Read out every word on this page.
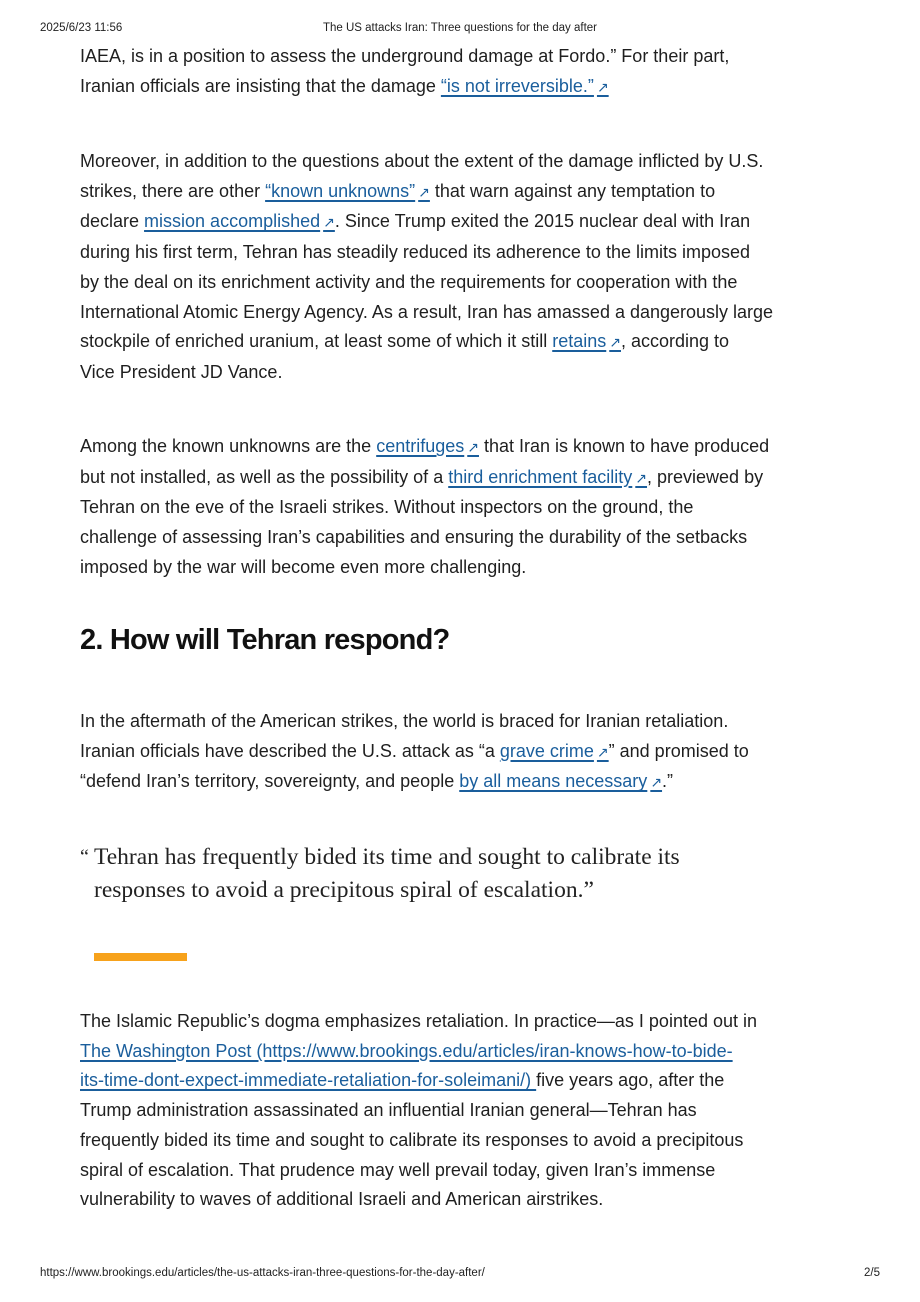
2025/6/23 11:56	The US attacks Iran: Three questions for the day after

IAEA, is in a position to assess the underground damage at Fordo.” For their part,

Iranian officials are insisting that the damage “is not irreversible.” ↗

Moreover, in addition to the questions about the extent of the damage inflicted by U.S.

strikes, there are other “known unknowns” ↗ that warn against any temptation to

declare mission accomplished ↗. Since Trump exited the 2015 nuclear deal with Iran

during his first term, Tehran has steadily reduced its adherence to the limits imposed

by the deal on its enrichment activity and the requirements for cooperation with the

International Atomic Energy Agency. As a result, Iran has amassed a dangerously large

stockpile of enriched uranium, at least some of which it still retains ↗, according to

Vice President JD Vance.

Among the known unknowns are the centrifuges ↗ that Iran is known to have produced

but not installed, as well as the possibility of a third enrichment facility ↗, previewed by

Tehran on the eve of the Israeli strikes. Without inspectors on the ground, the

challenge of assessing Iran’s capabilities and ensuring the durability of the setbacks

imposed by the war will become even more challenging.

2. How will Tehran respond?

In the aftermath of the American strikes, the world is braced for Iranian retaliation.

Iranian officials have described the U.S. attack as “a grave crime ↗” and promised to

“defend Iran’s territory, sovereignty, and people by all means necessary ↗.”

“ Tehran has frequently bided its time and sought to calibrate its
responses to avoid a precipitous spiral of escalation.”

The Islamic Republic’s dogma emphasizes retaliation. In practice—as I pointed out in

The Washington Post (https://www.brookings.edu/articles/iran-knows-how-to-bide-

its-time-dont-expect-immediate-retaliation-for-soleimani/) five years ago, after the

Trump administration assassinated an influential Iranian general—Tehran has

frequently bided its time and sought to calibrate its responses to avoid a precipitous

spiral of escalation. That prudence may well prevail today, given Iran’s immense

vulnerability to waves of additional Israeli and American airstrikes.

https://www.brookings.edu/articles/the-us-attacks-iran-three-questions-for-the-day-after/	2/5
